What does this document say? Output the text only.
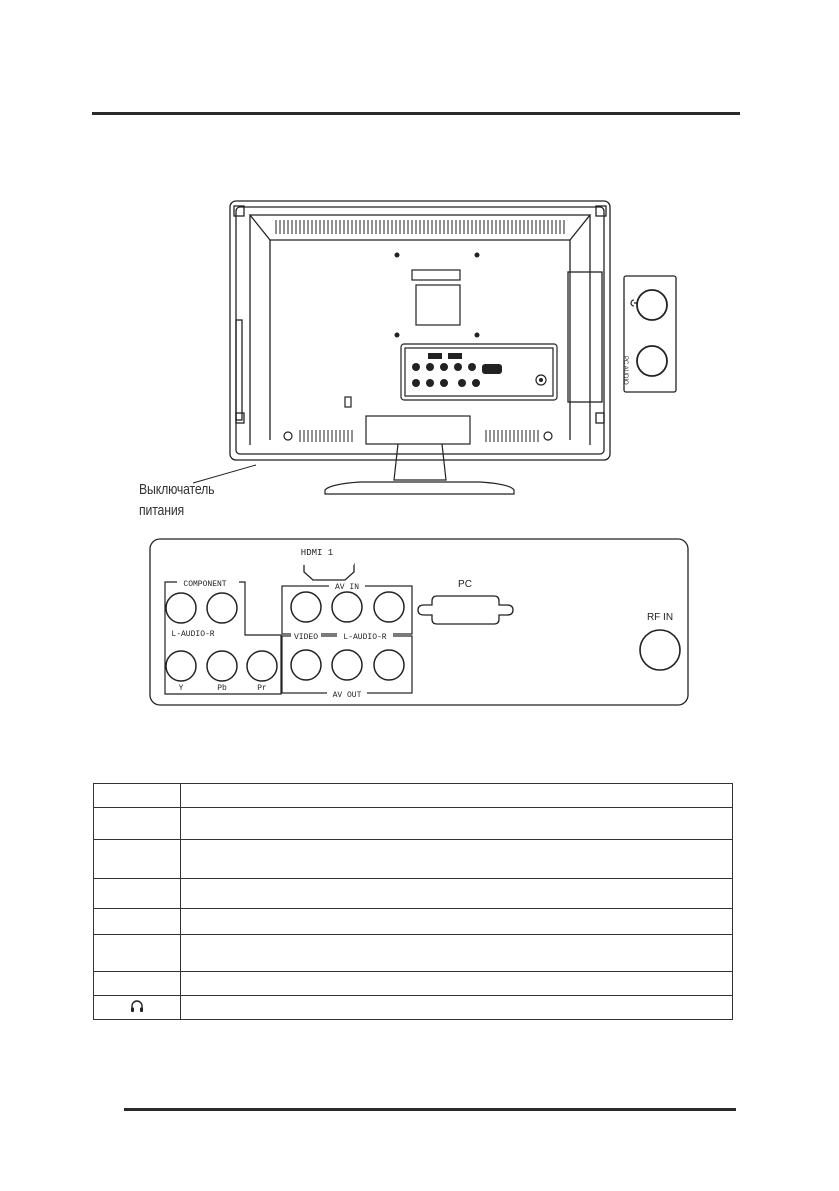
PC AUDIO
Выключатель
питания
HDMI 1
COMPONENT
L-AUDIO-R
Y	Pb	Pr
AV IN
VIDEO	L-AUDIO-R
AV OUT
PC
RF IN
